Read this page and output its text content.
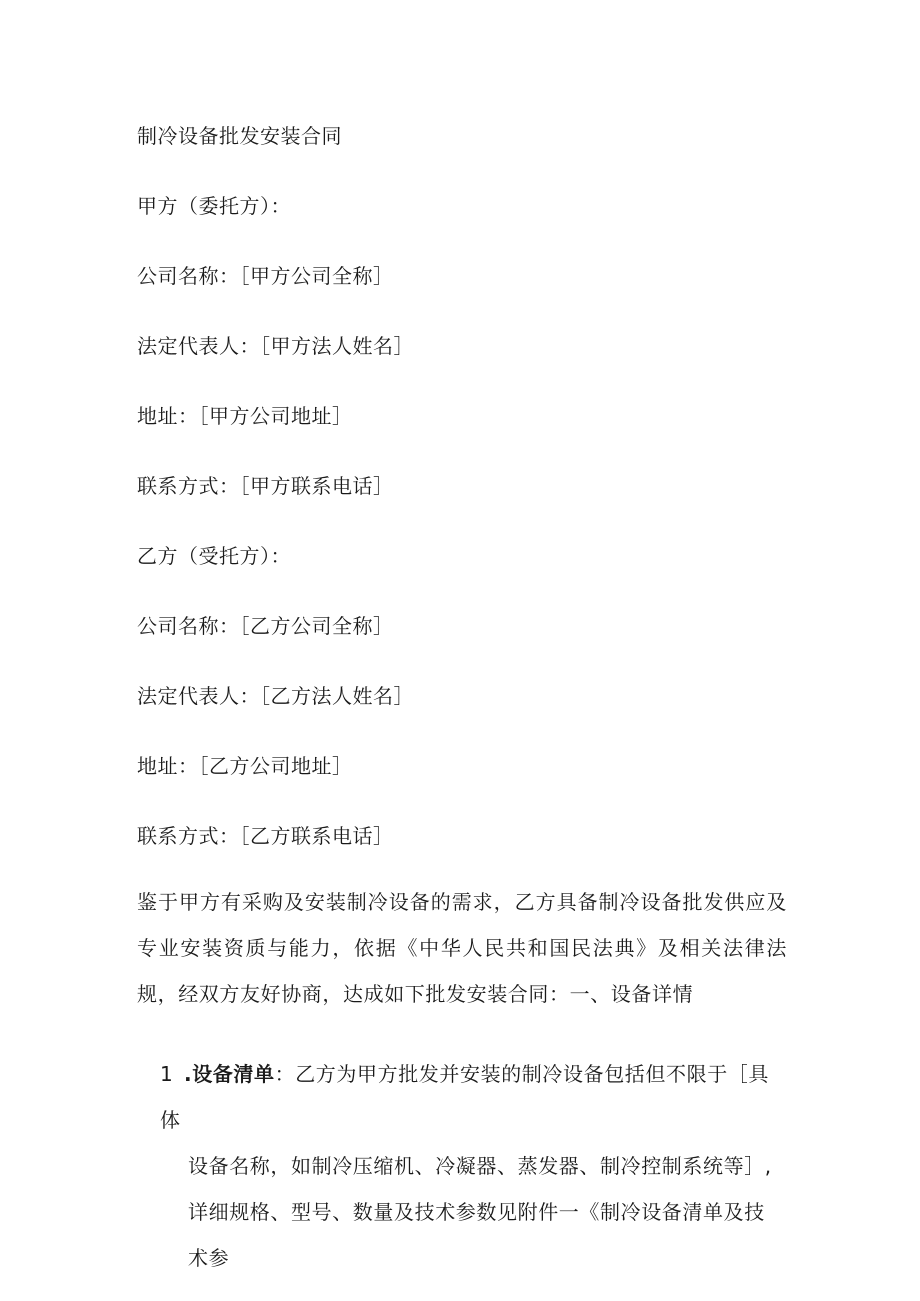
制冷设备批发安装合同
甲方（委托方）：
公司名称：［甲方公司全称］
法定代表人：［甲方法人姓名］
地址：［甲方公司地址］
联系方式：［甲方联系电话］
乙方（受托方）：
公司名称：［乙方公司全称］
法定代表人：［乙方法人姓名］
地址：［乙方公司地址］
联系方式：［乙方联系电话］
鉴于甲方有采购及安装制冷设备的需求，乙方具备制冷设备批发供应及专业安装资质与能力，依据《中华人民共和国民法典》及相关法律法规，经双方友好协商，达成如下批发安装合同：一、设备详情
1 .设备清单：乙方为甲方批发并安装的制冷设备包括但不限于［具体
设备名称，如制冷压缩机、冷凝器、蒸发器、制冷控制系统等］,详细规格、型号、数量及技术参数见附件一《制冷设备清单及技术参
